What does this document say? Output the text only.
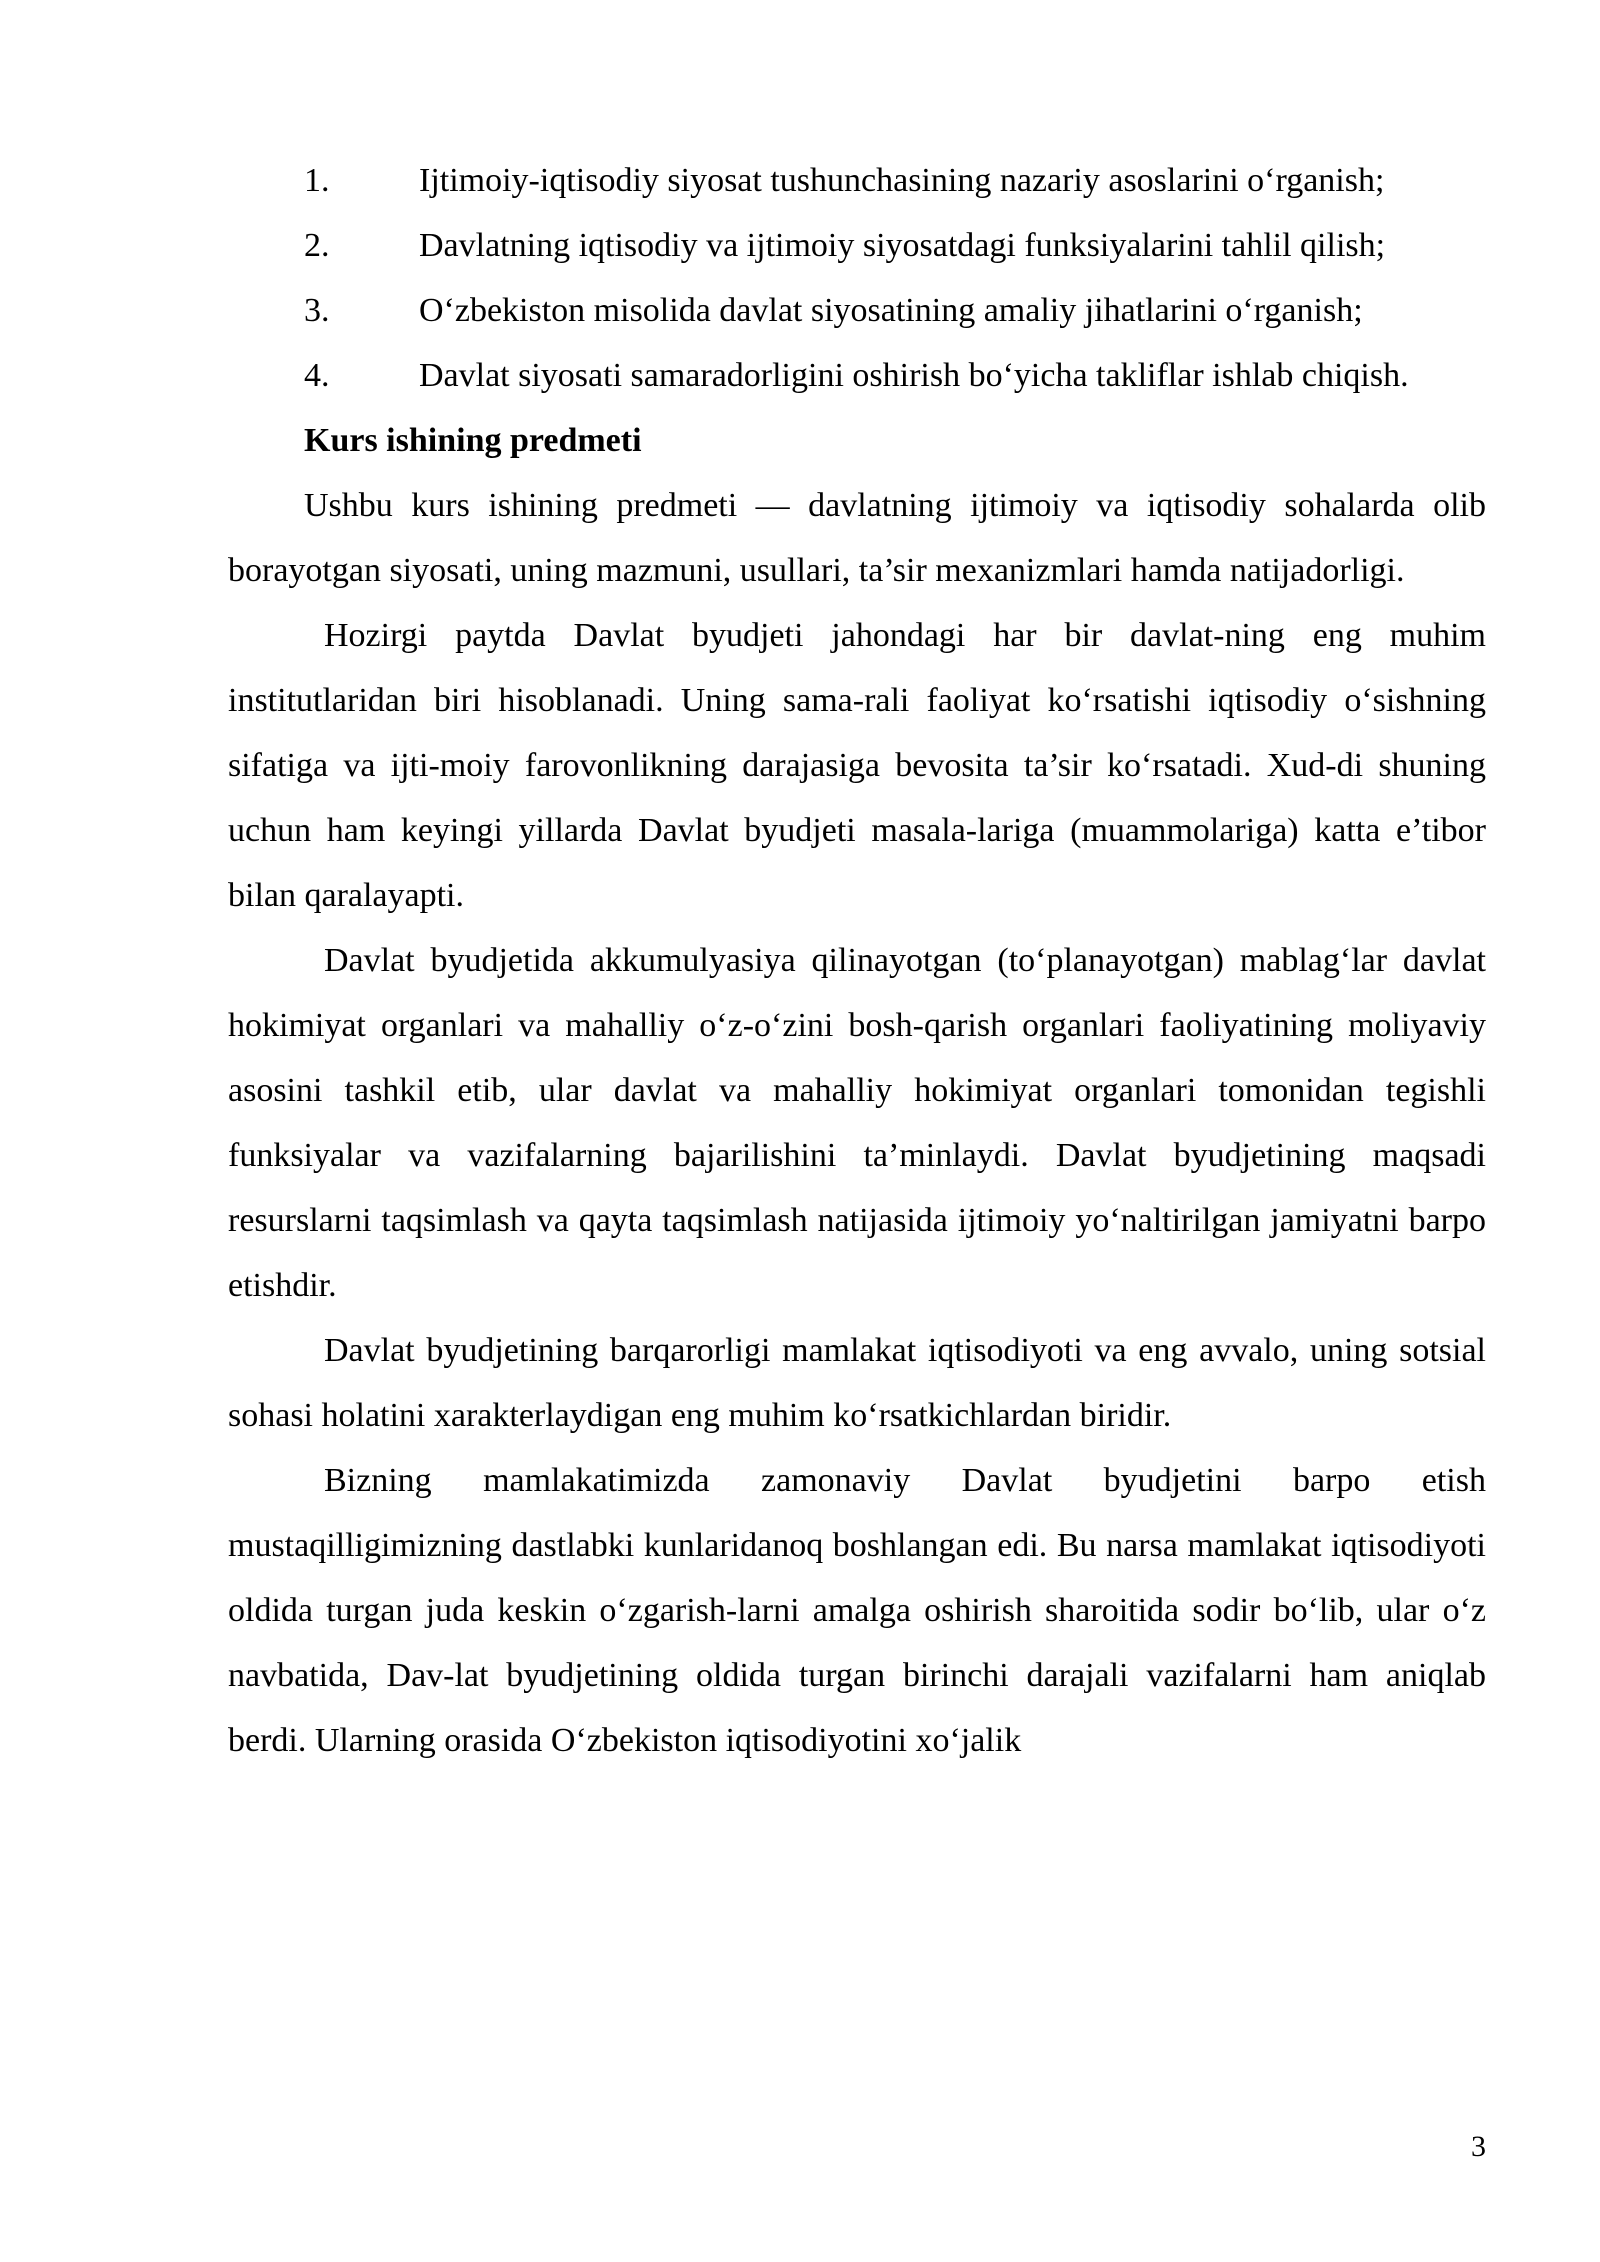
1.	Ijtimoiy-iqtisodiy siyosat tushunchasining nazariy asoslarini o‘rganish;
2.	Davlatning iqtisodiy va ijtimoiy siyosatdagi funksiyalarini tahlil qilish;
3.	O‘zbekiston misolida davlat siyosatining amaliy jihatlarini o‘rganish;
4.	Davlat siyosati samaradorligini oshirish bo‘yicha takliflar ishlab chiqish.
Kurs ishining predmeti

Ushbu kurs ishining predmeti — davlatning ijtimoiy va iqtisodiy sohalarda olib borayotgan siyosati, uning mazmuni, usullari, ta’sir mexanizmlari hamda natijadorligi.

Hozirgi paytda Davlat byudjeti jahondagi har bir davlat-ning eng muhim institutlaridan biri hisoblanadi. Uning sama-rali faoliyat ko‘rsatishi iqtisodiy o‘sishning sifatiga va ijti-moiy farovonlikning darajasiga bevosita ta’sir ko‘rsatadi. Xud-di shuning uchun ham keyingi yillarda Davlat byudjeti masala-lariga (muammolariga) katta e’tibor bilan qaralayapti.

Davlat byudjetida akkumulyasiya qilinayotgan (to‘planayotgan) mablag‘lar davlat hokimiyat organlari va mahalliy o‘z-o‘zini bosh-qarish organlari faoliyatining moliyaviy asosini tashkil etib, ular davlat va mahalliy hokimiyat organlari tomonidan tegishli funksiyalar va vazifalarning bajarilishini ta’minlaydi. Davlat byudjetining maqsadi resurslarni taqsimlash va qayta taqsimlash natijasida ijtimoiy yo‘naltirilgan jamiyatni barpo etishdir.

Davlat byudjetining barqarorligi mamlakat iqtisodiyoti va eng avvalo, uning sotsial sohasi holatini xarakterlaydigan eng muhim ko‘rsatkichlardan biridir.

Bizning mamlakatimizda zamonaviy Davlat byudjetini barpo etish mustaqilligimizning dastlabki kunlaridanoq boshlangan edi. Bu narsa mamlakat iqtisodiyoti oldida turgan juda keskin o‘zgarish-larni amalga oshirish sharoitida sodir bo‘lib, ular o‘z navbatida, Dav-lat byudjetining oldida turgan birinchi darajali vazifalarni ham aniqlab berdi. Ularning orasida O‘zbekiston iqtisodiyotini xo‘jalik

3
